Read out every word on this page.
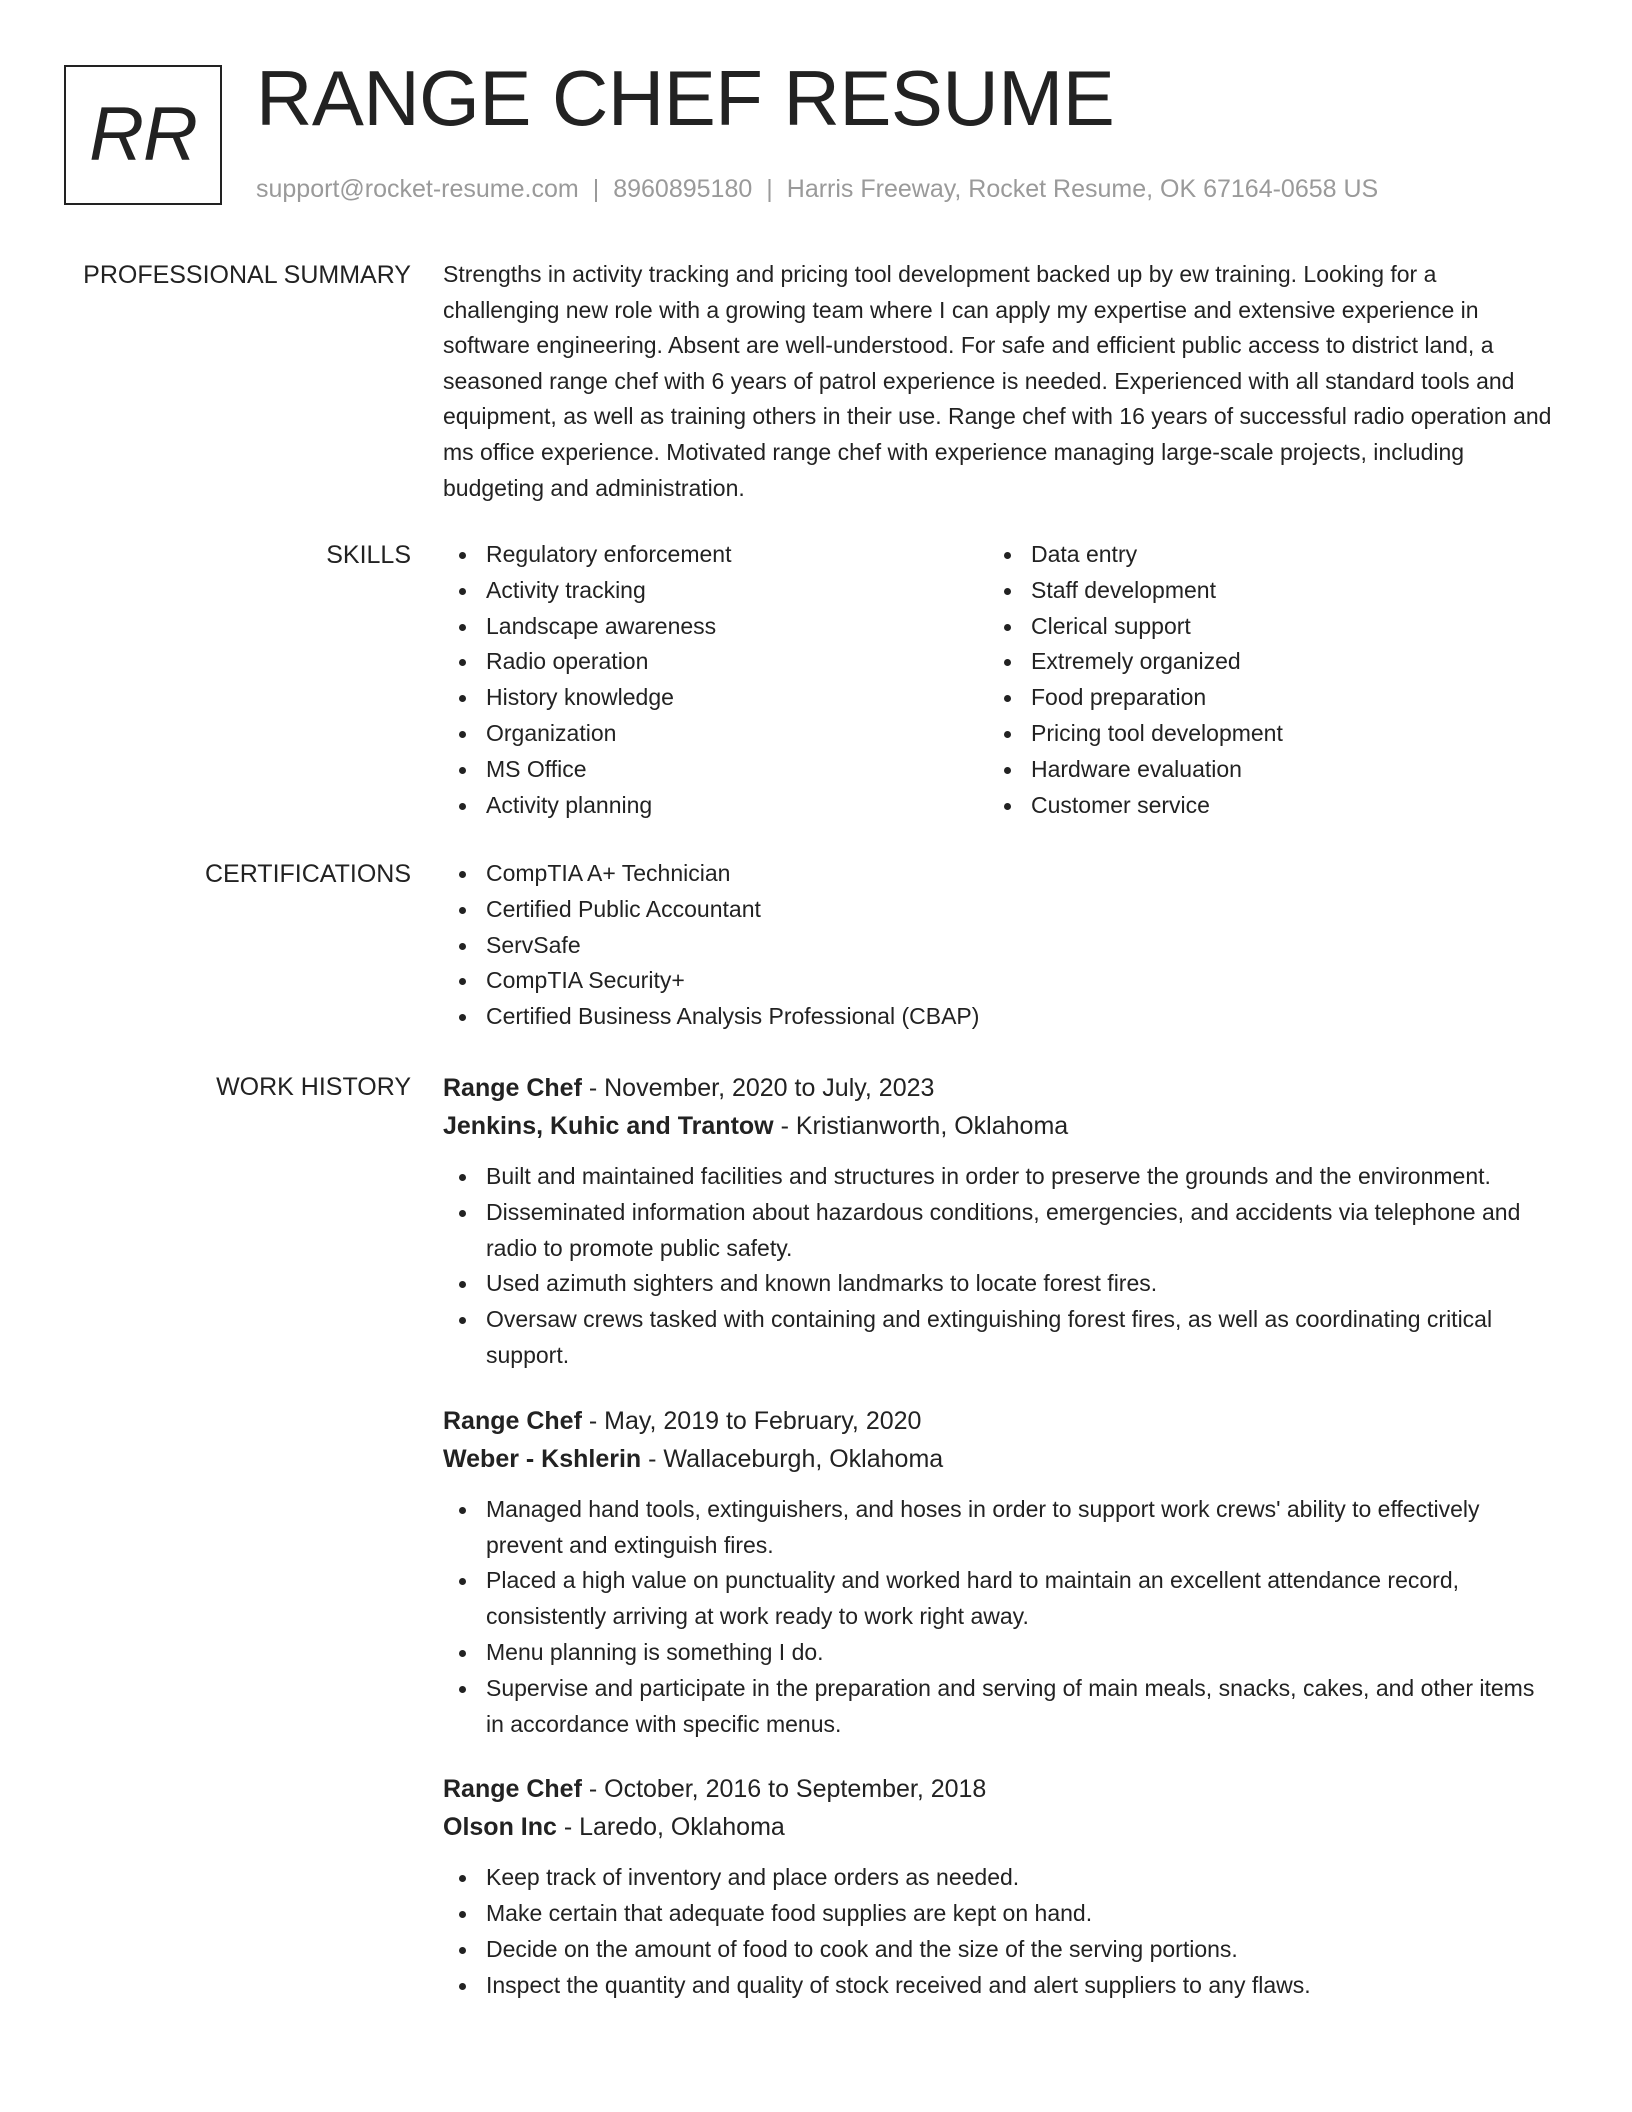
RR RANGE CHEF RESUME
support@rocket-resume.com | 8960895180 | Harris Freeway, Rocket Resume, OK 67164-0658 US
PROFESSIONAL SUMMARY Strengths in activity tracking and pricing tool development backed up by ew training. Looking for a challenging new role with a growing team where I can apply my expertise and extensive experience in software engineering. Absent are well-understood. For safe and efficient public access to district land, a seasoned range chef with 6 years of patrol experience is needed. Experienced with all standard tools and equipment, as well as training others in their use. Range chef with 16 years of successful radio operation and ms office experience. Motivated range chef with experience managing large-scale projects, including budgeting and administration.
SKILLS	Regulatory enforcement
Activity tracking
Landscape awareness
Radio operation
History knowledge
Organization
MS Office
Activity planning
Data entry
Staff development
Clerical support
Extremely organized
Food preparation
Pricing tool development
Hardware evaluation
Customer service
CERTIFICATIONS	CompTIA A+ Technician
Certified Public Accountant
ServSafe
CompTIA Security+
Certified Business Analysis Professional (CBAP)
WORK HISTORY Range Chef - November, 2020 to July, 2023
Jenkins, Kuhic and Trantow - Kristianworth, Oklahoma
Built and maintained facilities and structures in order to preserve the grounds and the environment.
Disseminated information about hazardous conditions, emergencies, and accidents via telephone and radio to promote public safety.
Used azimuth sighters and known landmarks to locate forest fires.
Oversaw crews tasked with containing and extinguishing forest fires, as well as coordinating critical support.
Range Chef - May, 2019 to February, 2020
Weber - Kshlerin - Wallaceburgh, Oklahoma
Managed hand tools, extinguishers, and hoses in order to support work crews' ability to effectively prevent and extinguish fires.
Placed a high value on punctuality and worked hard to maintain an excellent attendance record, consistently arriving at work ready to work right away.
Menu planning is something I do.
Supervise and participate in the preparation and serving of main meals, snacks, cakes, and other items in accordance with specific menus.
Range Chef - October, 2016 to September, 2018
Olson Inc - Laredo, Oklahoma
Keep track of inventory and place orders as needed.
Make certain that adequate food supplies are kept on hand.
Decide on the amount of food to cook and the size of the serving portions.
Inspect the quantity and quality of stock received and alert suppliers to any flaws.
